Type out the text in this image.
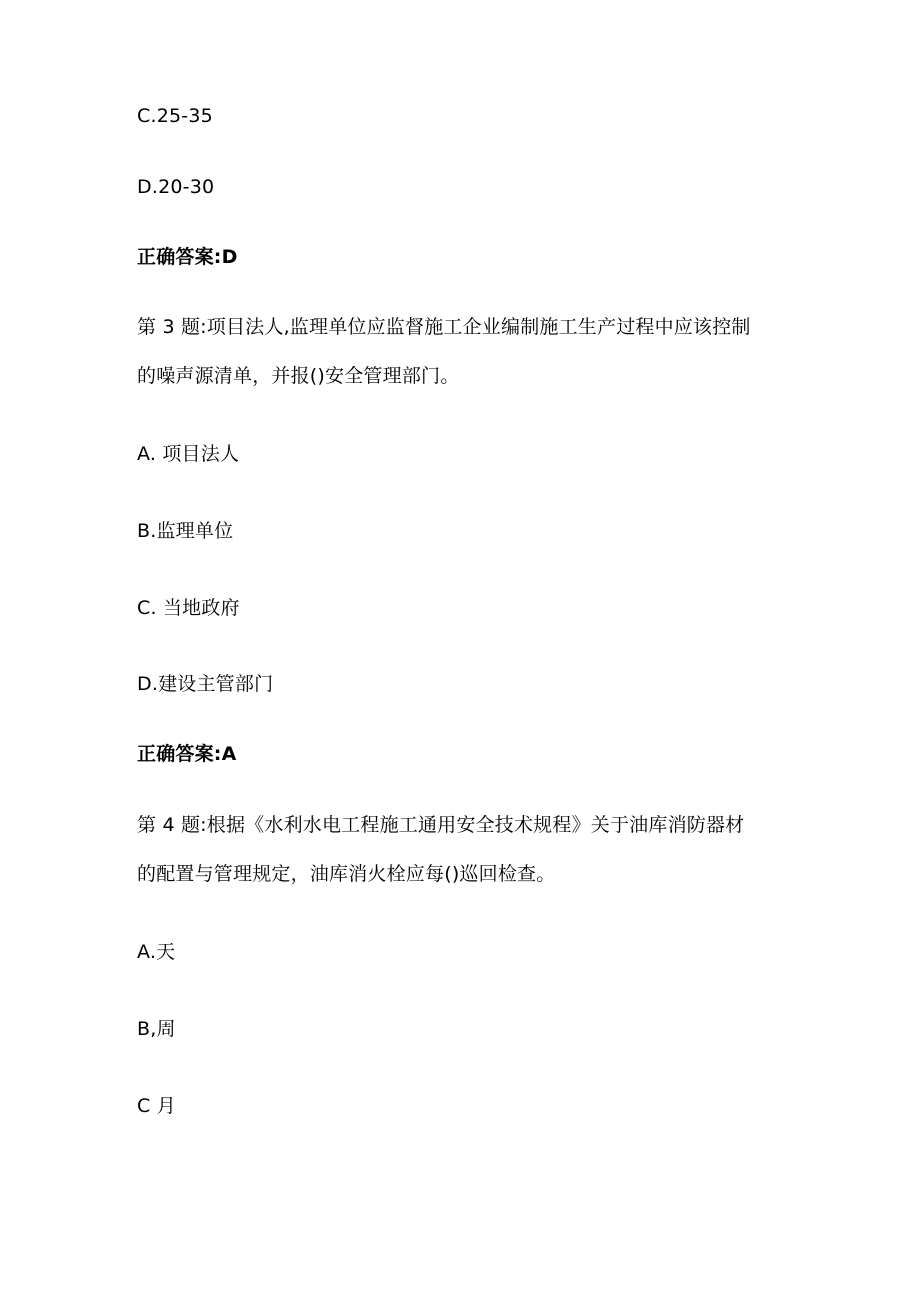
C.25-35
D.20-30
正确答案:D
第 3 题:项目法人,监理单位应监督施工企业编制施工生产过程中应该控制
的噪声源清单，并报()安全管理部门。
A. 项目法人
B.监理单位
C. 当地政府
D.建设主管部门
正确答案:A
第 4 题:根据《水利水电工程施工通用安全技术规程》关于油库消防器材
的配置与管理规定，油库消火栓应每()巡回检查。
A.天
B,周
C 月
